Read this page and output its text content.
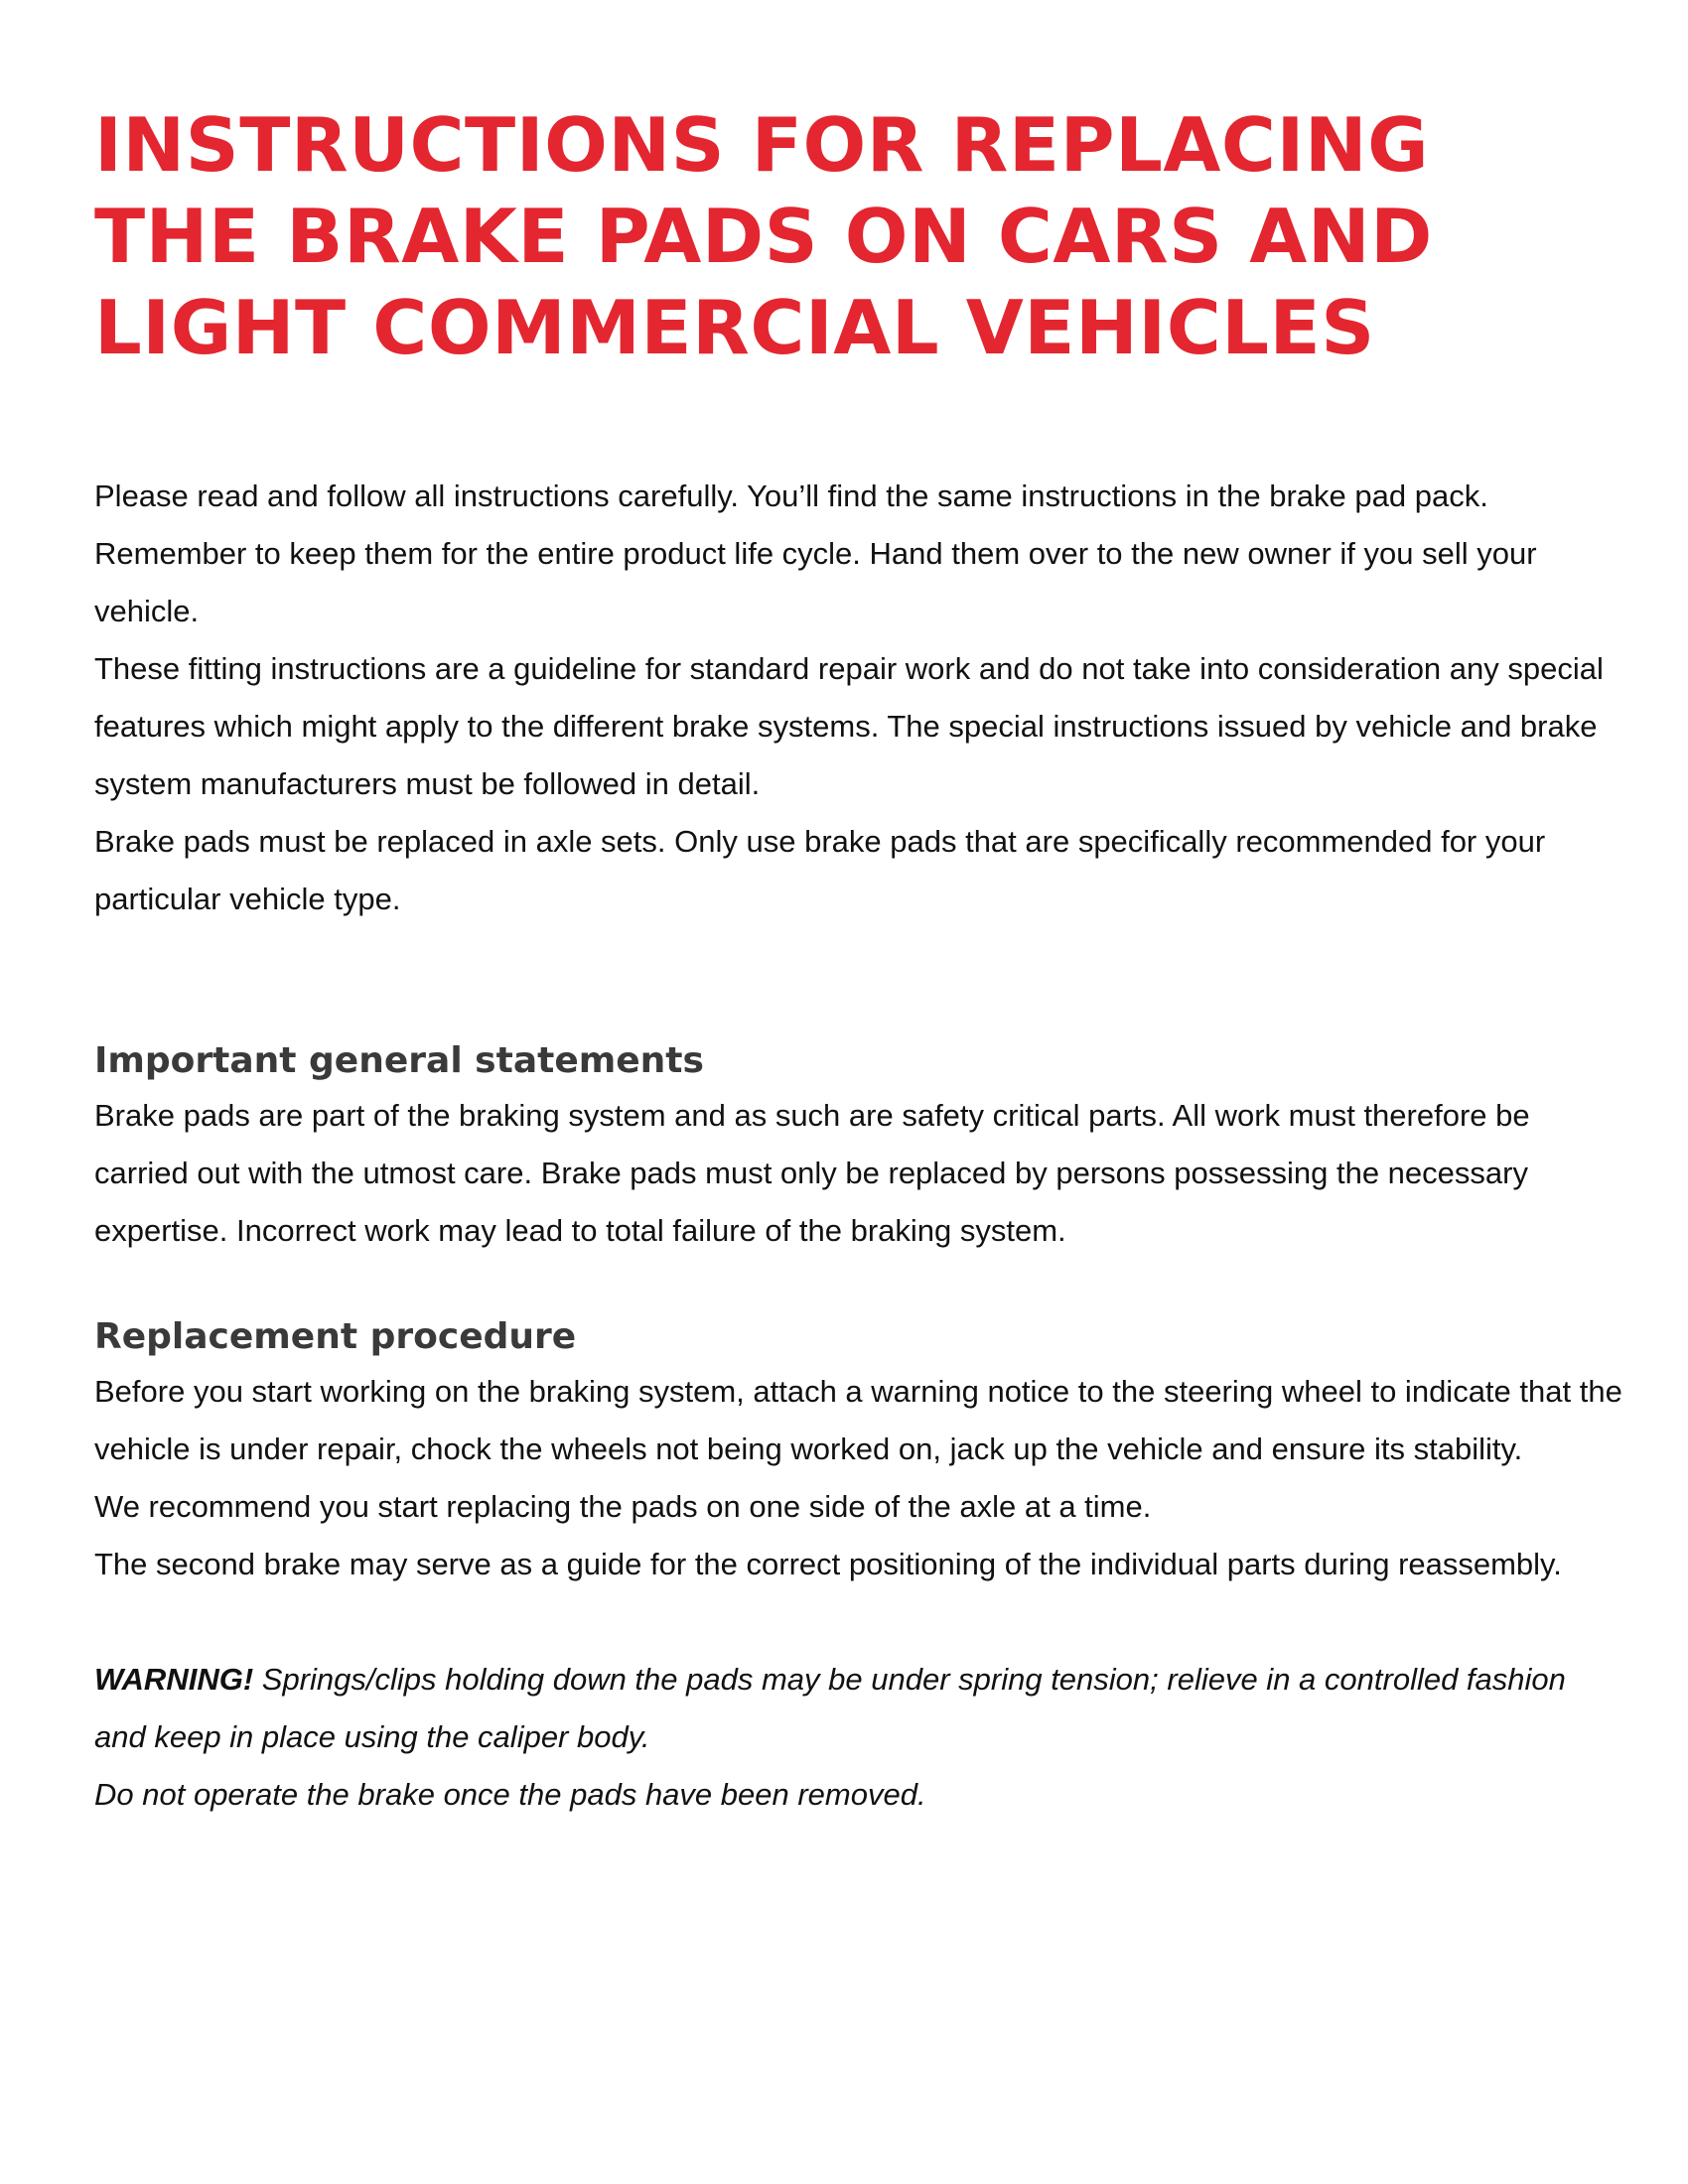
INSTRUCTIONS FOR REPLACING
THE BRAKE PADS ON CARS AND
LIGHT COMMERCIAL VEHICLES

Please read and follow all instructions carefully. You’ll find the same instructions in the brake pad pack. Remember to keep them for the entire product life cycle. Hand them over to the new owner if you sell your vehicle.

These fitting instructions are a guideline for standard repair work and do not take into consideration any special features which might apply to the different brake systems. The special instructions issued by vehicle and brake system manufacturers must be followed in detail.

Brake pads must be replaced in axle sets. Only use brake pads that are specifically recommended for your particular vehicle type.

Important general statements

Brake pads are part of the braking system and as such are safety critical parts. All work must therefore be carried out with the utmost care. Brake pads must only be replaced by persons possessing the necessary expertise. Incorrect work may lead to total failure of the braking system.

Replacement procedure

Before you start working on the braking system, attach a warning notice to the steering wheel to indicate that the vehicle is under repair, chock the wheels not being worked on, jack up the vehicle and ensure its stability.

We recommend you start replacing the pads on one side of the axle at a time.

The second brake may serve as a guide for the correct positioning of the individual parts during reassembly.

WARNING! Springs/clips holding down the pads may be under spring tension; relieve in a controlled fashion and keep in place using the caliper body.

Do not operate the brake once the pads have been removed.
